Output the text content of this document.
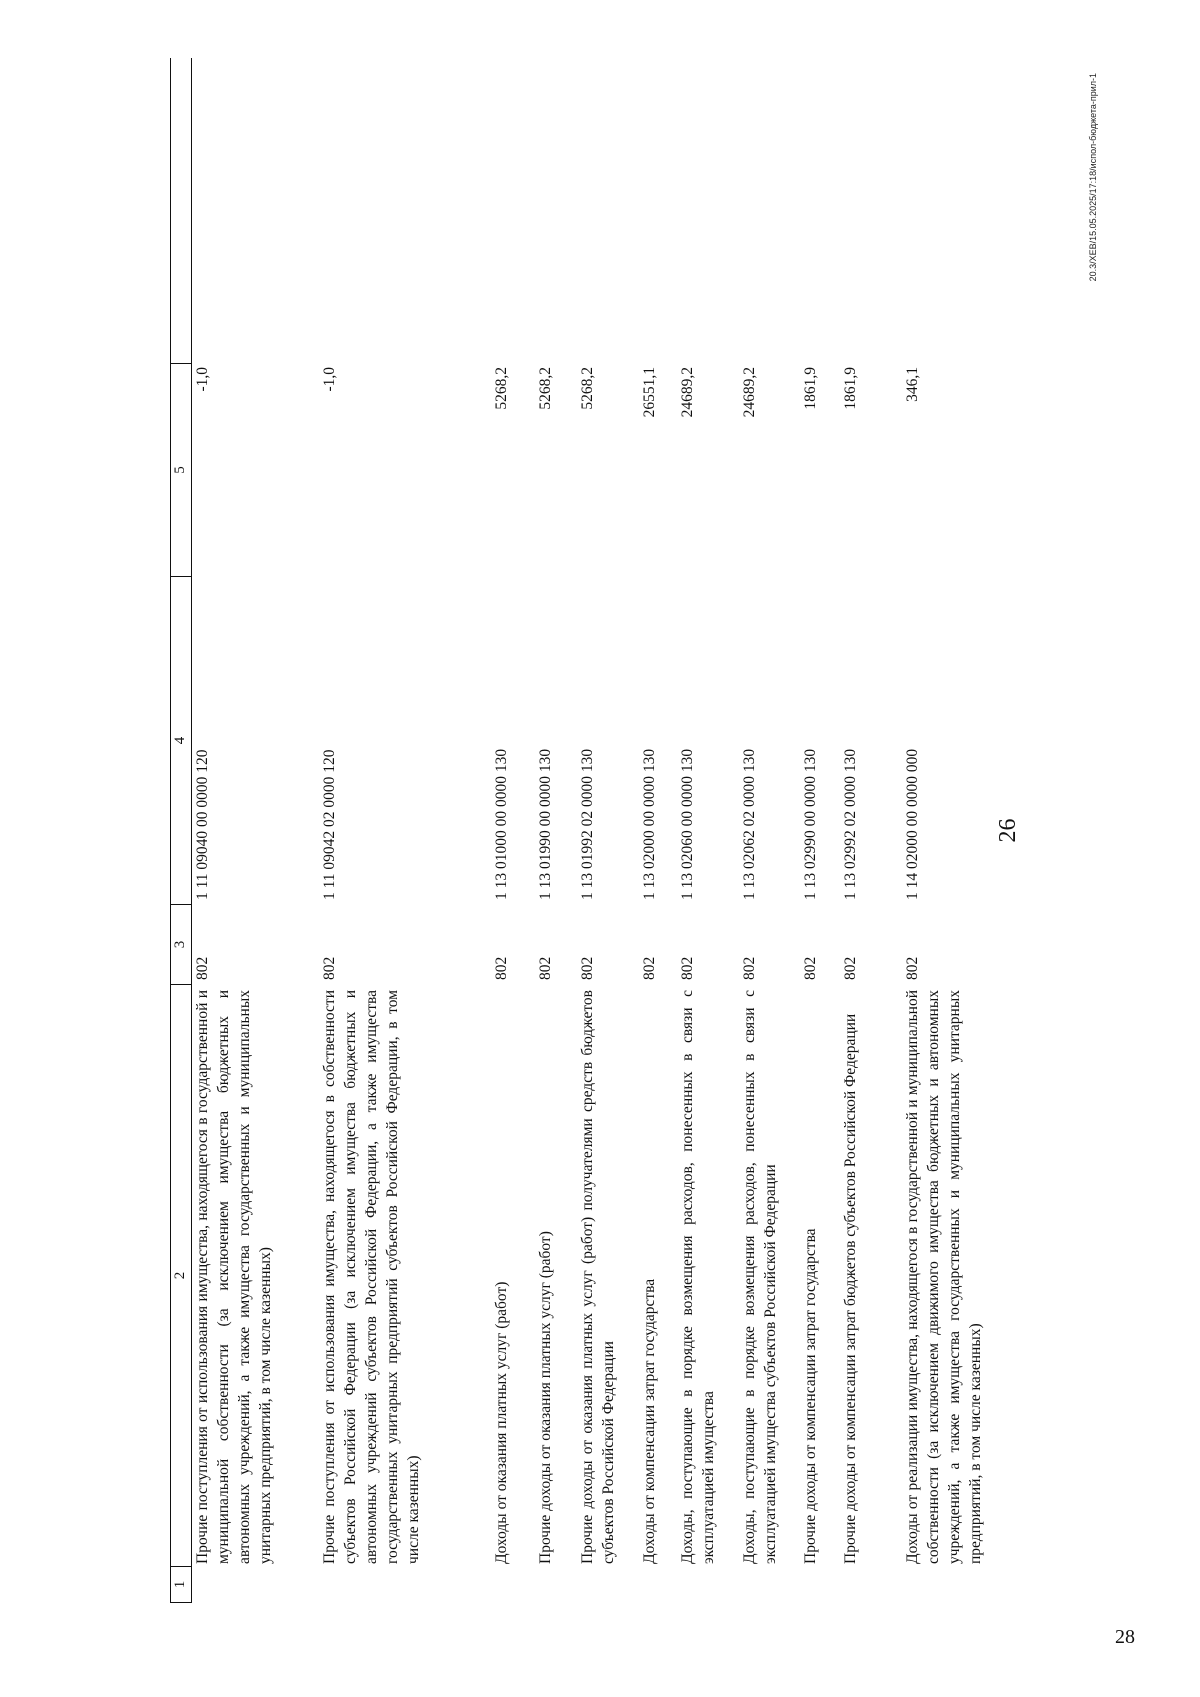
28
1
2
3
4
5
Прочие поступления от использования имущества, находящегося в государственной и муниципальной собственности (за исключением имущества бюджетных и автономных учреждений, а также имущества государственных и муниципальных унитарных предприятий, в том числе казенных)
802
1 11 09040 00 0000 120
-1,0
Прочие поступления от использования имущества, находящегося в собственности субъектов Российской Федерации (за исключением имущества бюджетных и автономных учреждений субъектов Российской Федерации, а также имущества государственных унитарных предприятий субъектов Российской Федерации, в том числе казенных)
802
1 11 09042 02 0000 120
-1,0
Доходы от оказания платных услуг (работ)
802
1 13 01000 00 0000 130
5268,2
Прочие доходы от оказания платных услуг (работ)
802
1 13 01990 00 0000 130
5268,2
Прочие доходы от оказания платных услуг (работ) получателями средств бюджетов субъектов Российской Федерации
802
1 13 01992 02 0000 130
5268,2
Доходы от компенсации затрат государства
802
1 13 02000 00 0000 130
26551,1
Доходы, поступающие в порядке возмещения расходов, понесенных в связи с эксплуатацией имущества
802
1 13 02060 00 0000 130
24689,2
Доходы, поступающие в порядке возмещения расходов, понесенных в связи с эксплуатацией имущества субъектов Российской Федерации
802
1 13 02062 02 0000 130
24689,2
Прочие доходы от компенсации затрат государства
802
1 13 02990 00 0000 130
1861,9
Прочие доходы от компенсации затрат бюджетов субъектов Российской Федерации
802
1 13 02992 02 0000 130
1861,9
Доходы от реализации имущества, находящегося в государственной и муниципальной собственности (за исключением движимого имущества бюджетных и автономных учреждений, а также имущества государственных и муниципальных унитарных предприятий, в том числе казенных)
802
1 14 02000 00 0000 000
346,1
26
20.3/XEB/15.05.2025/17:18/испол-бюджета-прил-1
